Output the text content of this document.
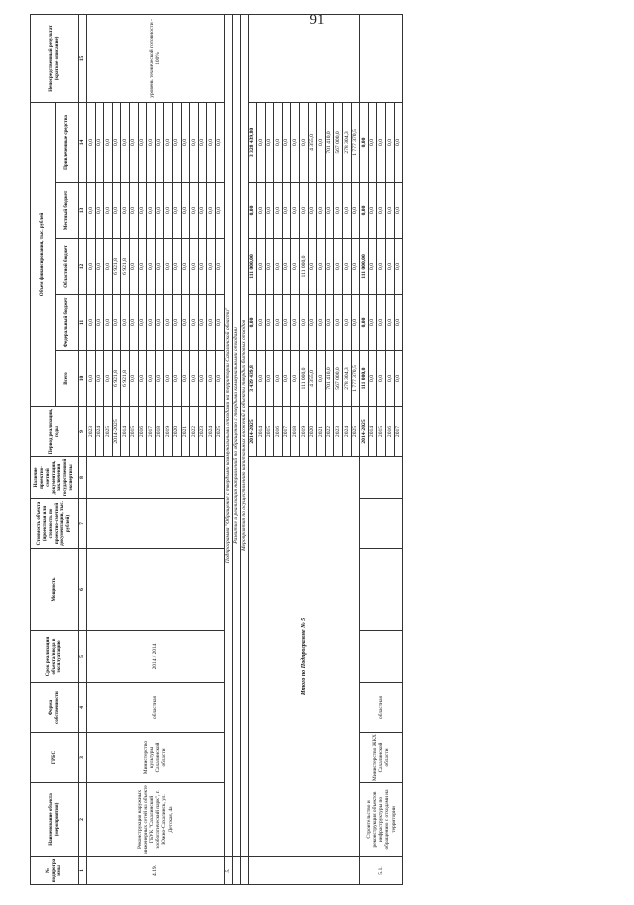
91
№ подпрограммы	Наименование объекта (мероприятия)	ГРБС	Форма собственности	Срок реализации объекта/ввода в эксплуатацию	Мощность	Стоимость объекта (проектная или стоимость по проектно-сметной документации, тыс. рублей)	Наличие проектно-сметной документации, заключения государственной экспертизы	Период реализации, годы	Объем финансирования, тыс. рублей					Непосредственный результат (краткое описание)
									Всего	Федеральный бюджет	Областной бюджет	Местный бюджет	Привлеченные средства	
1	2	3	4	5	6	7	8	9	10	11	12	13	14	15
4.19.	Реконструкция наружных инженерных сетей на объекте ГБУК "Сахалинский зообогатический парк", г. Южно-Сахалинск, ул. Детская, 4а	Министерство культуры Сахалинской области	областная	2014 / 2014				2023	0,0	0,0	0,0	0,0	0,0	уровень технической готовности - 100%
								2024	0,0	0,0	0,0	0,0	0,0	
								2025	0,0	0,0	0,0	0,0	0,0	
								2014-2025	6 921,8	0,0	6 921,8	0,0	0,0	
								2014	6 921,8	0,0	6 921,8	0,0	0,0	
								2015	0,0	0,0	0,0	0,0	0,0	
								2016	0,0	0,0	0,0	0,0	0,0	
								2017	0,0	0,0	0,0	0,0	0,0	
								2018	0,0	0,0	0,0	0,0	0,0	
								2019	0,0	0,0	0,0	0,0	0,0	
								2020	0,0	0,0	0,0	0,0	0,0	
								2021	0,0	0,0	0,0	0,0	0,0	
								2022	0,0	0,0	0,0	0,0	0,0	
								2023	0,0	0,0	0,0	0,0	0,0	
								2024	0,0	0,0	0,0	0,0	0,0	
								2025	0,0	0,0	0,0	0,0	0,0	
5.	Подпрограмма "Обращение с твердыми коммунальными отходами на территории Сахалинской области"													
	Развитие и реализация направлений по обращению с твердыми коммунальными отходами													
	Мероприятия по осуществлению капитальных вложений в объекты твердых бытовых отходов													
	Итого по Подпрограмме № 5							2014-2025	3 439 439,8	0,00	111 000,00	0,00	3 328 439,80	
								2014	0,0	0,0	0,0	0,0	0,0	
								2015	0,0	0,0	0,0	0,0	0,0	
								2016	0,0	0,0	0,0	0,0	0,0	
								2017	0,0	0,0	0,0	0,0	0,0	
								2018	0,0	0,0	0,0	0,0	0,0	
								2019	111 000,0	0,0	111 000,0	0,0	0,0	
								2020	4 355,0	0,0	0,0	0,0	4 355,0	
								2021	0,0	0,0	0,0	0,0	0,0	
								2022	701 410,0	0,0	0,0	0,0	701 410,0	
								2023	567 000,0	0,0	0,0	0,0	567 000,0	
								2024	278 304,3	0,0	0,0	0,0	278 304,3	
								2025	1 777 370,5	0,0	0,0	0,0	1 777 370,5	
5.1.	Строительство и реконструкция объектов инфраструктуры по обращению с отходами на территории	Министерство ЖКХ Сахалинской области	областная					2014-2025	111 000,0	0,00	111 000,00	0,00	0,00	
								2014	0,0	0,0	0,0	0,0	0,0	
								2015	0,0	0,0	0,0	0,0	0,0	
								2016	0,0	0,0	0,0	0,0	0,0	
								2017	0,0	0,0	0,0	0,0	0,0	
